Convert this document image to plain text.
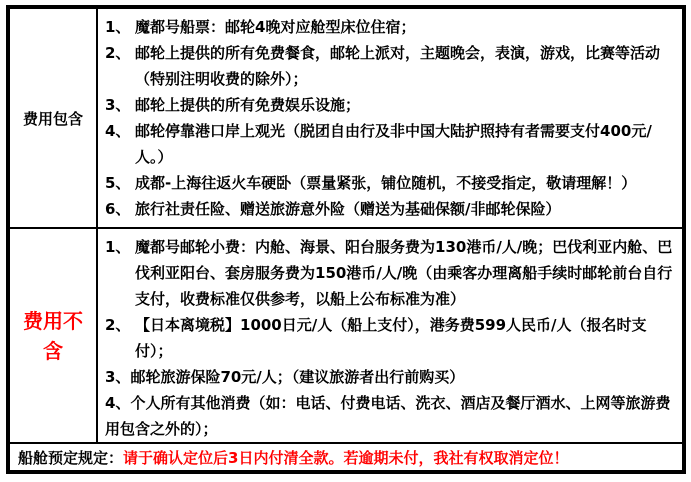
费用包含
1、 魔都号船票：邮轮4晚对应舱型床位住宿；
2、 邮轮上提供的所有免费餐食，邮轮上派对，主题晚会，表演，游戏，比赛等活动（特别注明收费的除外）；
3、 邮轮上提供的所有免费娱乐设施；
4、 邮轮停靠港口岸上观光（脱团自由行及非中国大陆护照持有者需要支付400元/人。）
5、 成都-上海往返火车硬卧（票量紧张，铺位随机，不接受指定，敬请理解！）
6、 旅行社责任险、赠送旅游意外险（赠送为基础保额/非邮轮保险）
费用不含
1、 魔都号邮轮小费：内舱、海景、阳台服务费为130港币/人/晚；巴伐利亚内舱、巴伐利亚阳台、套房服务费为150港币/人/晚（由乘客办理离船手续时邮轮前台自行支付，收费标准仅供参考，以船上公布标准为准）
2、 【日本离境税】1000日元/人（船上支付），港务费599人民币/人（报名时支付）；
3、邮轮旅游保险70元/人；（建议旅游者出行前购买）
4、个人所有其他消费（如：电话、付费电话、洗衣、酒店及餐厅酒水、上网等旅游费用包含之外的）；
船舱预定规定： 请于确认定位后3日内付清全款。若逾期未付，我社有权取消定位！
